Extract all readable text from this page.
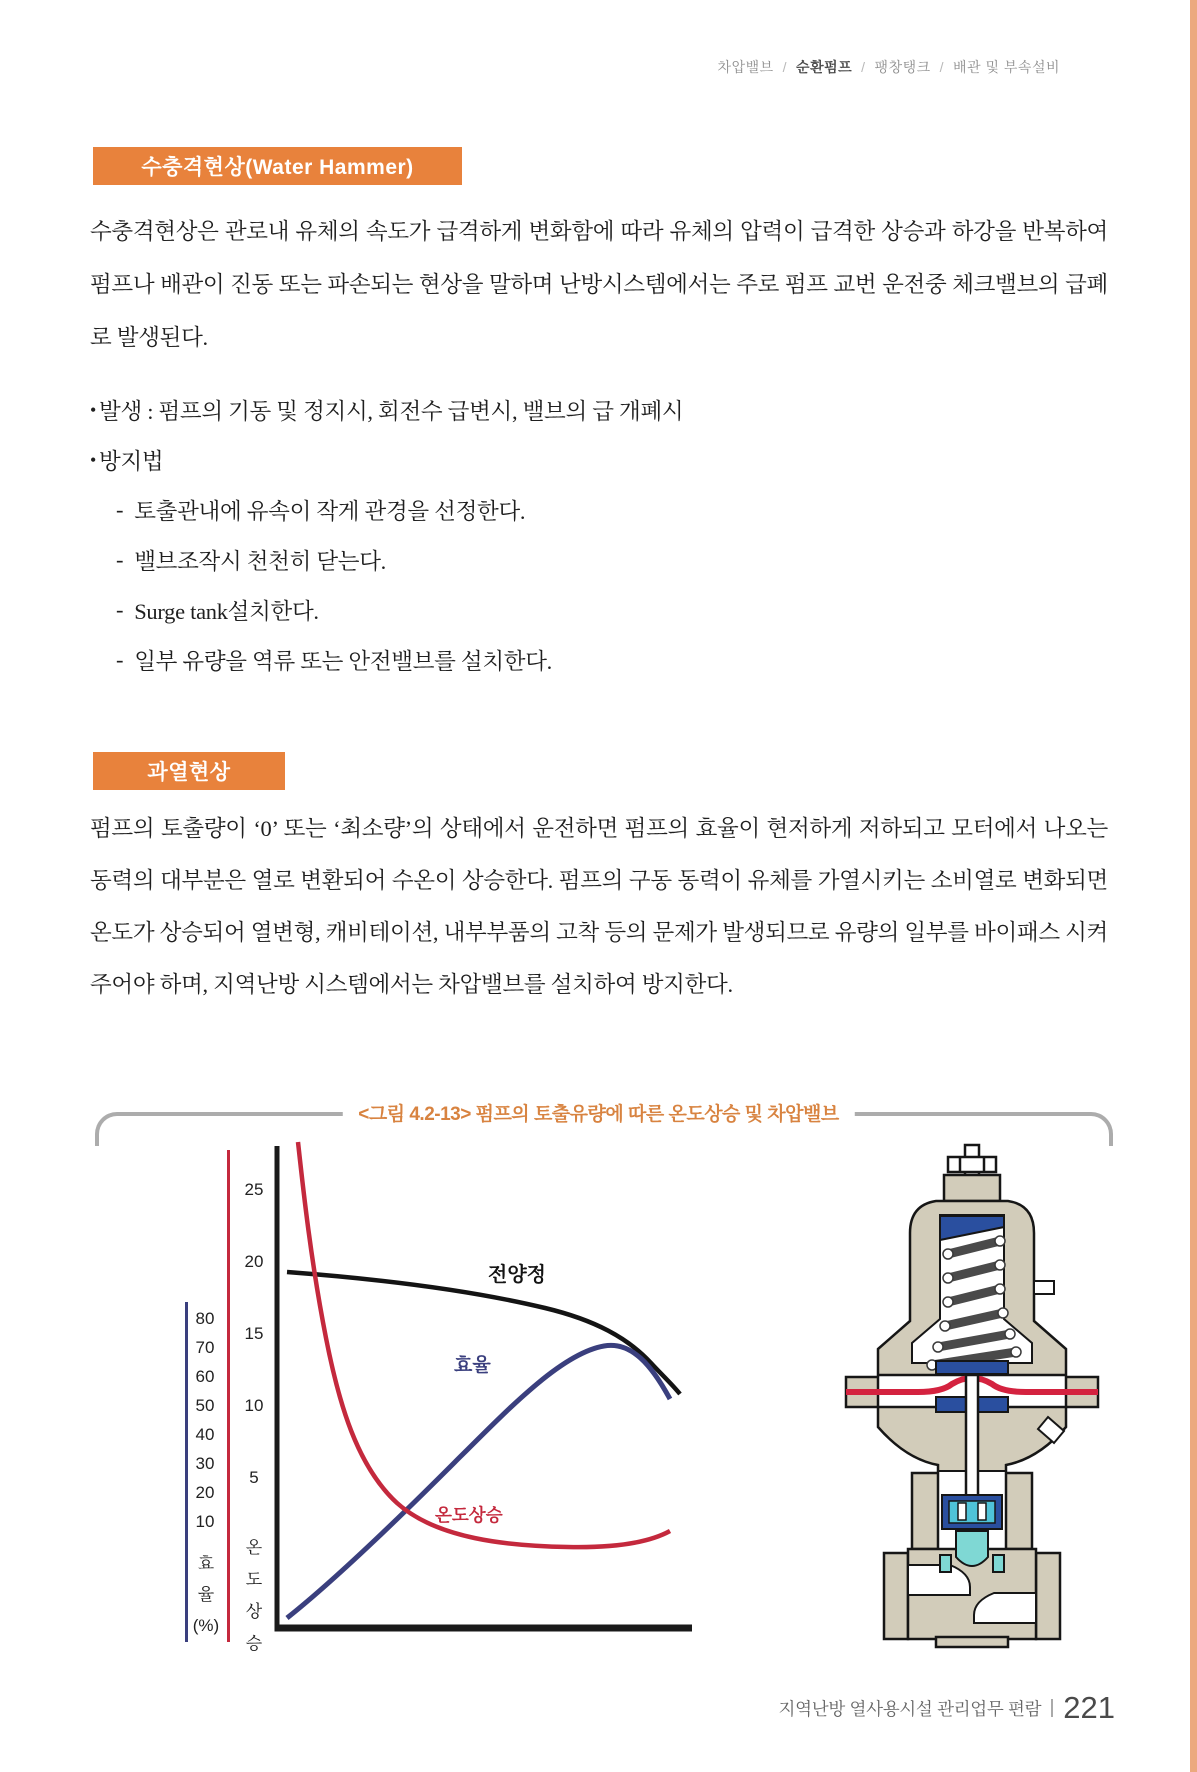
차압밸브 / 순환펌프 / 팽창탱크 / 배관 및 부속설비
수충격현상(Water Hammer)

수충격현상은 관로내 유체의 속도가 급격하게 변화함에 따라 유체의 압력이 급격한 상승과 하강을 반복하여 펌프나 배관이 진동 또는 파손되는 현상을 말하며 난방시스템에서는 주로 펌프 교번 운전중 체크밸브의 급폐로 발생된다.

• 발생 : 펌프의 기동 및 정지시, 회전수 급변시, 밸브의 급 개폐시
• 방지법
- 토출관내에 유속이 작게 관경을 선정한다.
- 밸브조작시 천천히 닫는다.
- Surge tank설치한다.
- 일부 유량을 역류 또는 안전밸브를 설치한다.
과열현상

펌프의 토출량이 ‘0’ 또는 ‘최소량’의 상태에서 운전하면 펌프의 효율이 현저하게 저하되고 모터에서 나오는 동력의 대부분은 열로 변환되어 수온이 상승한다. 펌프의 구동 동력이 유체를 가열시키는 소비열로 변화되면 온도가 상승되어 열변형, 캐비테이션, 내부부품의 고착 등의 문제가 발생되므로 유량의 일부를 바이패스 시켜주어야 하며, 지역난방 시스템에서는 차압밸브를 설치하여 방지한다.

<그림 4.2-13> 펌프의 토출유량에 따른 온도상승 및 차압밸브
80
70
60
50
40
30
20
10
25
20
15
10
5
효
율
(%)
온
도
상
승
전양정
효율
온도상승
지역난방 열사용시설 관리업무 편람 221
